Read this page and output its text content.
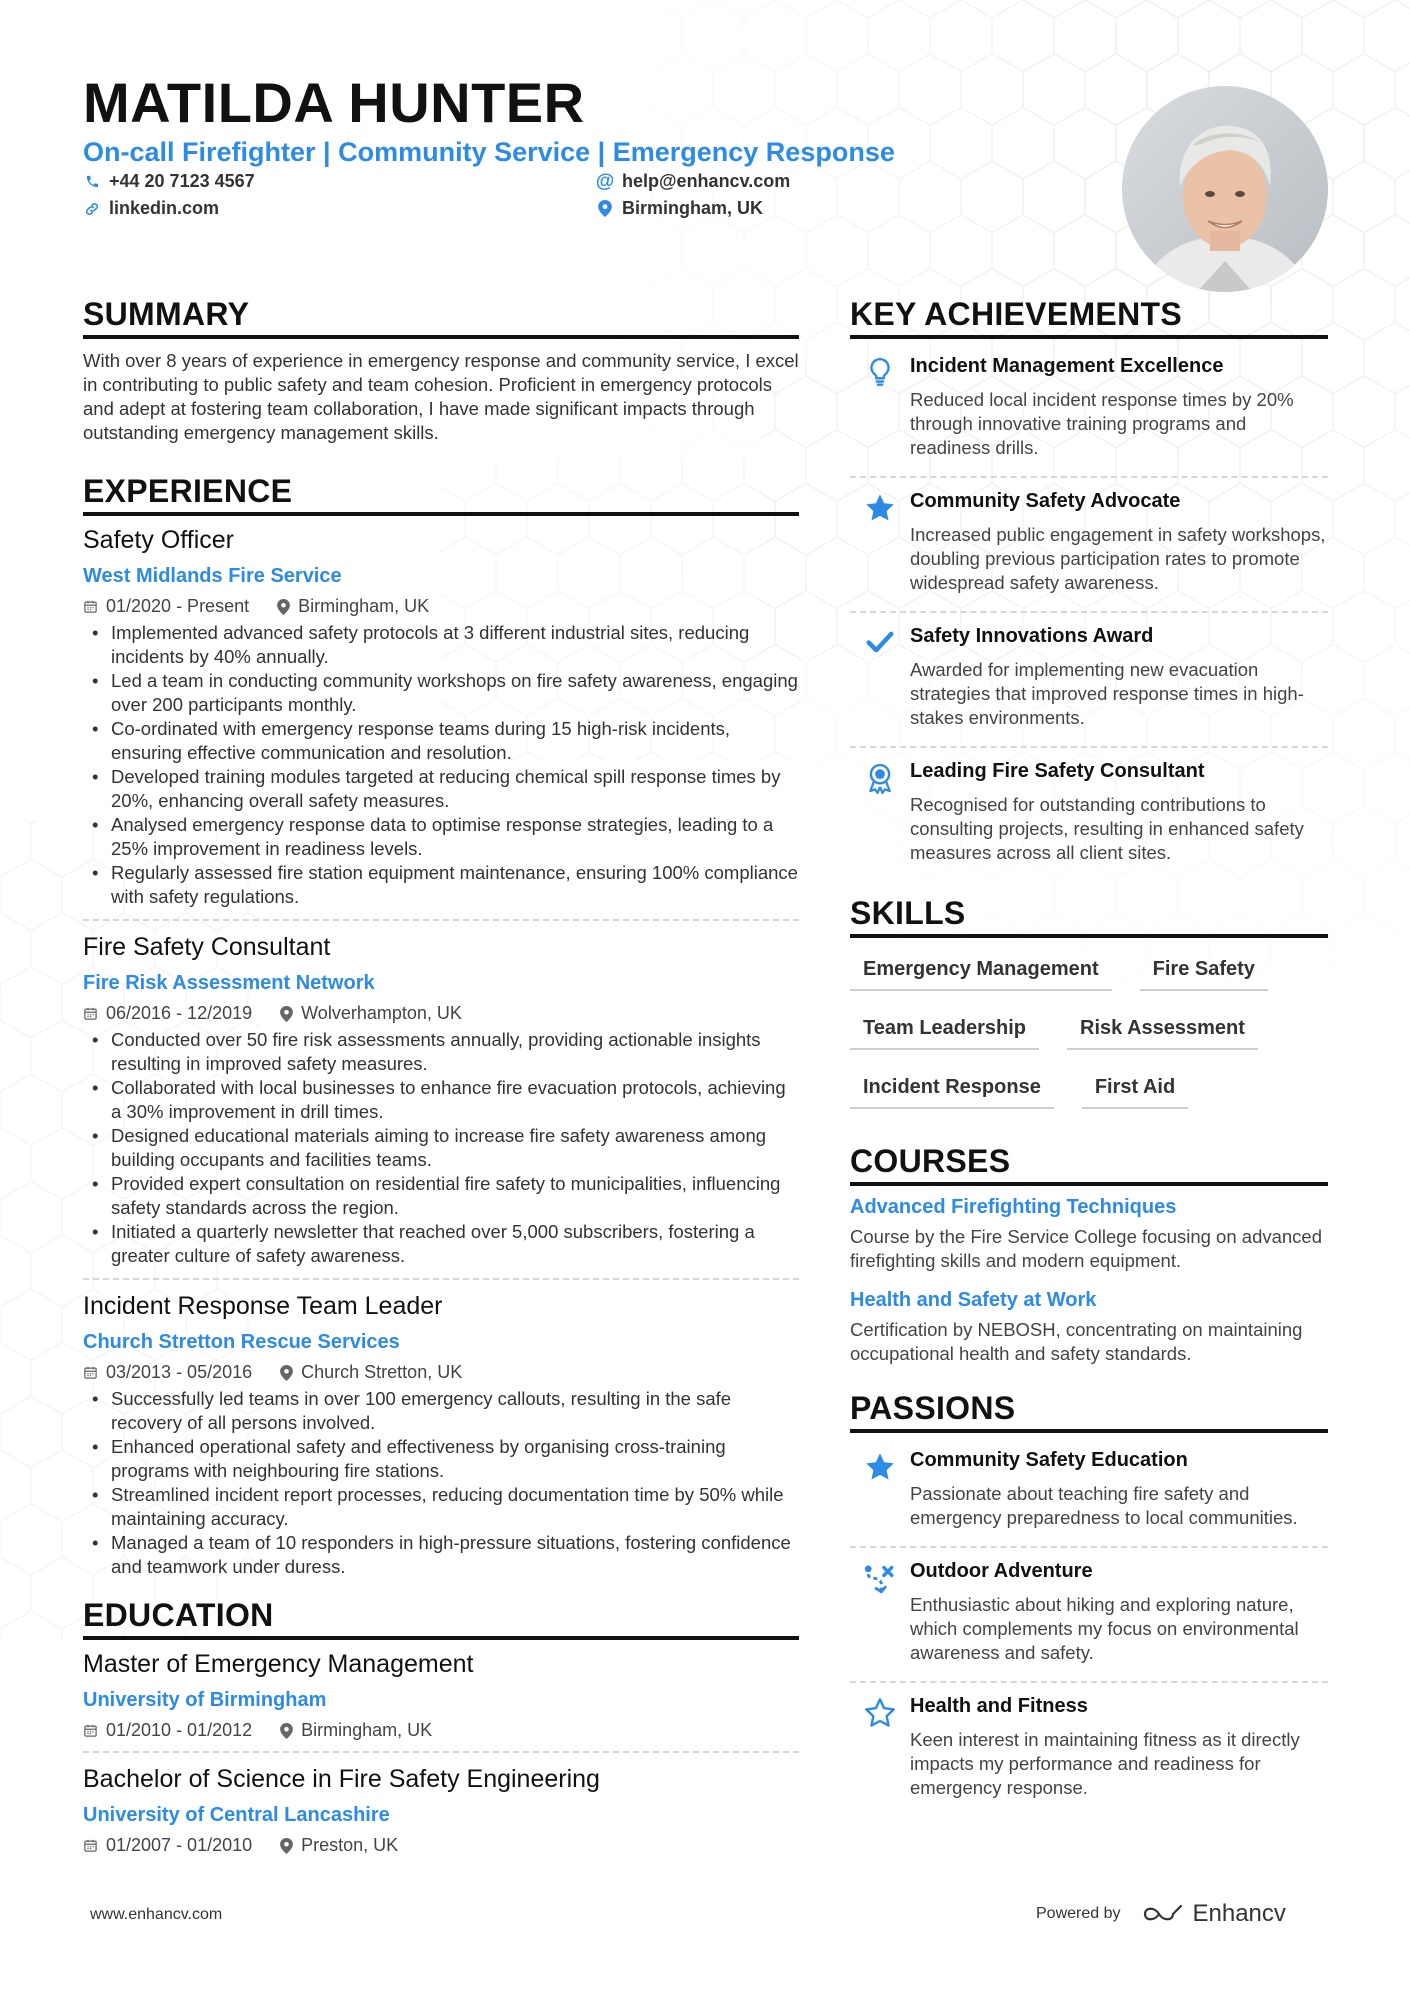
MATILDA HUNTER
On-call Firefighter | Community Service | Emergency Response
+44 20 7123 4567	@ help@enhancv.com
linkedin.com	Birmingham, UK
SUMMARY
With over 8 years of experience in emergency response and community service, I excel in contributing to public safety and team cohesion. Proficient in emergency protocols and adept at fostering team collaboration, I have made significant impacts through outstanding emergency management skills.
EXPERIENCE
Safety Officer
West Midlands Fire Service
01/2020 - Present	Birmingham, UK
• Implemented advanced safety protocols at 3 different industrial sites, reducing incidents by 40% annually.
• Led a team in conducting community workshops on fire safety awareness, engaging over 200 participants monthly.
• Co-ordinated with emergency response teams during 15 high-risk incidents, ensuring effective communication and resolution.
• Developed training modules targeted at reducing chemical spill response times by 20%, enhancing overall safety measures.
• Analysed emergency response data to optimise response strategies, leading to a 25% improvement in readiness levels.
• Regularly assessed fire station equipment maintenance, ensuring 100% compliance with safety regulations.
Fire Safety Consultant
Fire Risk Assessment Network
06/2016 - 12/2019	Wolverhampton, UK
• Conducted over 50 fire risk assessments annually, providing actionable insights resulting in improved safety measures.
• Collaborated with local businesses to enhance fire evacuation protocols, achieving a 30% improvement in drill times.
• Designed educational materials aiming to increase fire safety awareness among building occupants and facilities teams.
• Provided expert consultation on residential fire safety to municipalities, influencing safety standards across the region.
• Initiated a quarterly newsletter that reached over 5,000 subscribers, fostering a greater culture of safety awareness.
Incident Response Team Leader
Church Stretton Rescue Services
03/2013 - 05/2016	Church Stretton, UK
• Successfully led teams in over 100 emergency callouts, resulting in the safe recovery of all persons involved.
• Enhanced operational safety and effectiveness by organising cross-training programs with neighbouring fire stations.
• Streamlined incident report processes, reducing documentation time by 50% while maintaining accuracy.
• Managed a team of 10 responders in high-pressure situations, fostering confidence and teamwork under duress.
EDUCATION
Master of Emergency Management
University of Birmingham
01/2010 - 01/2012	Birmingham, UK
Bachelor of Science in Fire Safety Engineering
University of Central Lancashire
01/2007 - 01/2010	Preston, UK
KEY ACHIEVEMENTS
Incident Management Excellence
Reduced local incident response times by 20% through innovative training programs and readiness drills.
Community Safety Advocate
Increased public engagement in safety workshops, doubling previous participation rates to promote widespread safety awareness.
Safety Innovations Award
Awarded for implementing new evacuation strategies that improved response times in high-stakes environments.
Leading Fire Safety Consultant
Recognised for outstanding contributions to consulting projects, resulting in enhanced safety measures across all client sites.
SKILLS
Emergency Management	Fire Safety
Team Leadership	Risk Assessment
Incident Response	First Aid
COURSES
Advanced Firefighting Techniques
Course by the Fire Service College focusing on advanced firefighting skills and modern equipment.
Health and Safety at Work
Certification by NEBOSH, concentrating on maintaining occupational health and safety standards.
PASSIONS
Community Safety Education
Passionate about teaching fire safety and emergency preparedness to local communities.
Outdoor Adventure
Enthusiastic about hiking and exploring nature, which complements my focus on environmental awareness and safety.
Health and Fitness
Keen interest in maintaining fitness as it directly impacts my performance and readiness for emergency response.
www.enhancv.com	Powered by	Enhancv
